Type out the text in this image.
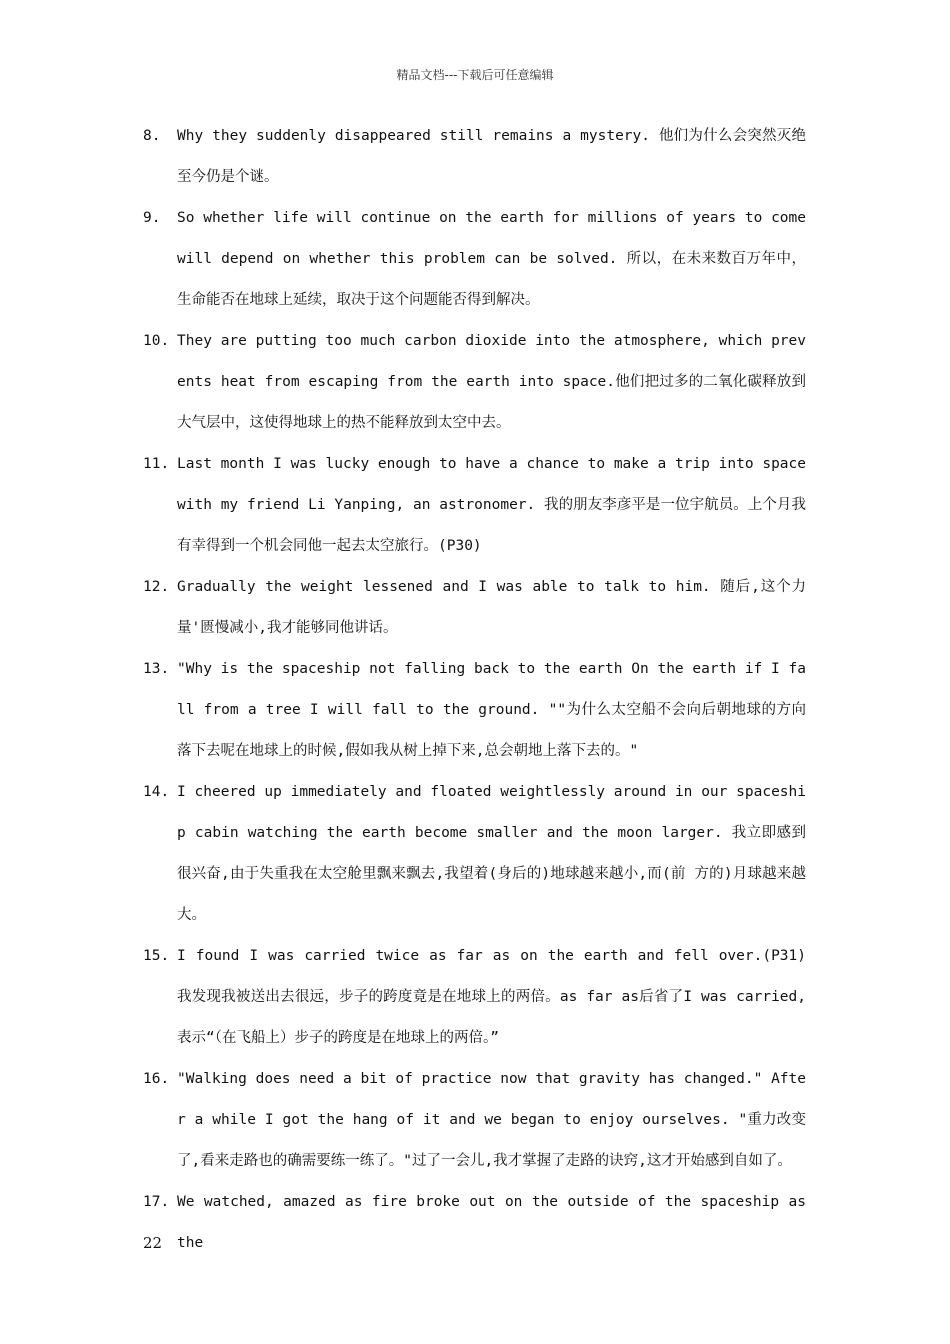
精品文档---下载后可任意编辑
8.	Why they suddenly disappeared still remains a mystery. 他们为什么会突然灭绝至今仍是个谜。
9.	So whether life will continue on the earth for millions of years to come will depend on whether this problem can be solved. 所以，在未来数百万年中，生命能否在地球上延续，取决于这个问题能否得到解决。
10. They are putting too much carbon dioxide into the atmosphere, which prevents heat from escaping from the earth into space.他们把过多的二氧化碳释放到大气层中，这使得地球上的热不能释放到太空中去。
11. Last month I was lucky enough to have a chance to make a trip into space with my friend Li Yanping, an astronomer. 我的朋友李彦平是一位宇航员。上个月我有幸得到一个机会同他一起去太空旅行。(P30)
12. Gradually the weight lessened and I was able to talk to him. 随后,这个力量'匮慢减小,我才能够同他讲话。
13. "Why is the spaceship not falling back to the earth On the earth if I fall from a tree I will fall to the ground. ""为什么太空船不会向后朝地球的方向落下去呢在地球上的时候,假如我从树上掉下来,总会朝地上落下去的。"
14. I cheered up immediately and floated weightlessly around in our spaceship cabin watching the earth become smaller and the moon larger. 我立即感到很兴奋,由于失重我在太空舱里飘来飘去,我望着(身后的)地球越来越小,而(前 方的)月球越来越大。
15. I found I was carried twice as far as on the earth and fell over.(P31) 我发现我被送出去很远，步子的跨度竟是在地球上的两倍。as far as后省了I was carried,表示“（在飞船上）步子的跨度是在地球上的两倍。”
16. "Walking does need a bit of practice now that gravity has changed." After a while I got the hang of it and we began to enjoy ourselves. "重力改变了,看来走路也的确需要练一练了。"过了一会儿,我才掌握了走路的诀窍,这才开始感到自如了。
17. We watched, amazed as fire broke out on the outside of the spaceship as the
22
